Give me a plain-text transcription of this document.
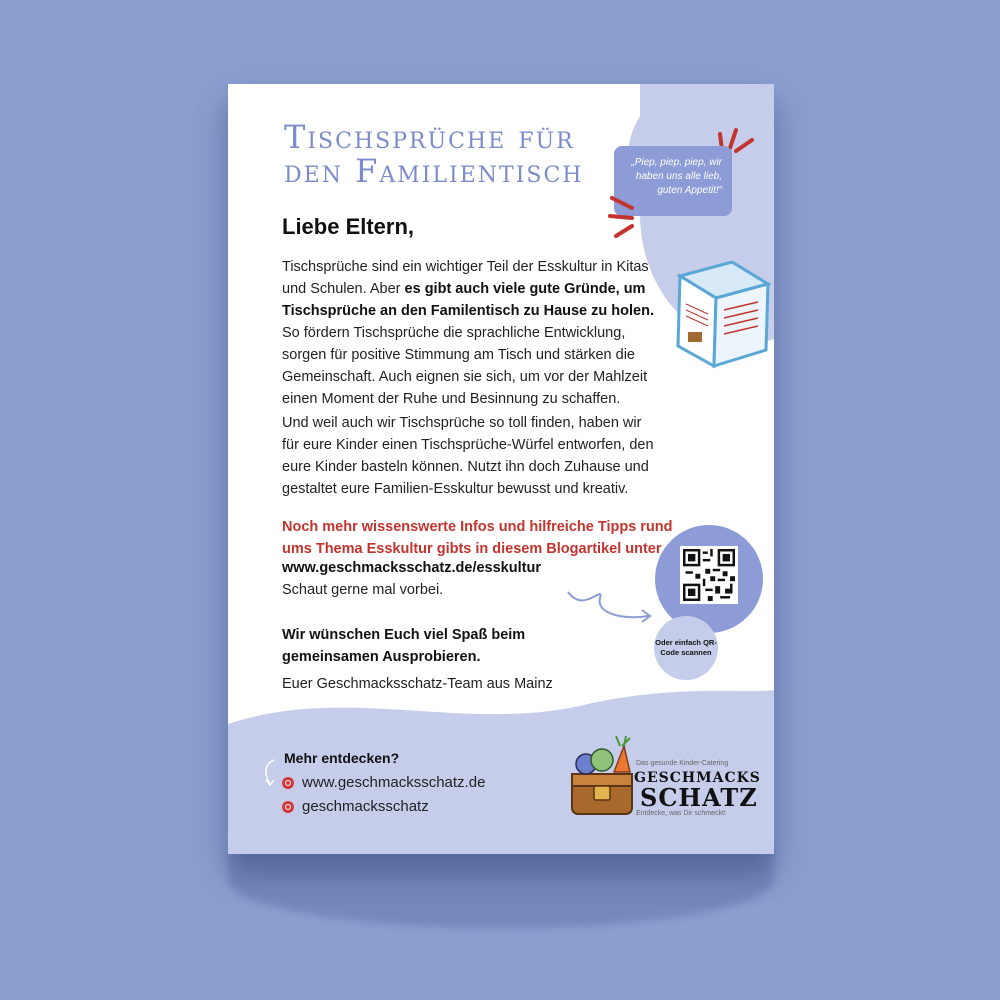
Tischsprüche für
den Familientisch	„Piep, piep, piep, wir haben uns alle lieb, guten Appetit!“
Liebe Eltern,

Tischsprüche sind ein wichtiger Teil der Esskultur in Kitas und Schulen. Aber es gibt auch viele gute Gründe, um Tischsprüche an den Familentisch zu Hause zu holen. So fördern Tischsprüche die sprachliche Entwicklung, sorgen für positive Stimmung am Tisch und stärken die Gemeinschaft. Auch eignen sie sich, um vor der Mahlzeit einen Moment der Ruhe und Besinnung zu schaffen.

Und weil auch wir Tischsprüche so toll finden, haben wir für eure Kinder einen Tischsprüche-Würfel entworfen, den eure Kinder basteln können. Nutzt ihn doch Zuhause und gestaltet eure Familien-Esskultur bewusst und kreativ.

Noch mehr wissenswerte Infos und hilfreiche Tipps rund ums Thema Esskultur gibts in diesem Blogartikel unter
www.geschmacksschatz.de/esskultur
Schaut gerne mal vorbei.
Wir wünschen Euch viel Spaß beim gemeinsamen Ausprobieren.
Euer Geschmacksschatz-Team aus Mainz
Oder einfach QR-Code scannen
Mehr entdecken?
www.geschmacksschatz.de
geschmacksschatz
Das gesunde Kinder-Catering
GESCHMACKS
SCHATZ
Entdecke, was Dir schmeckt!
